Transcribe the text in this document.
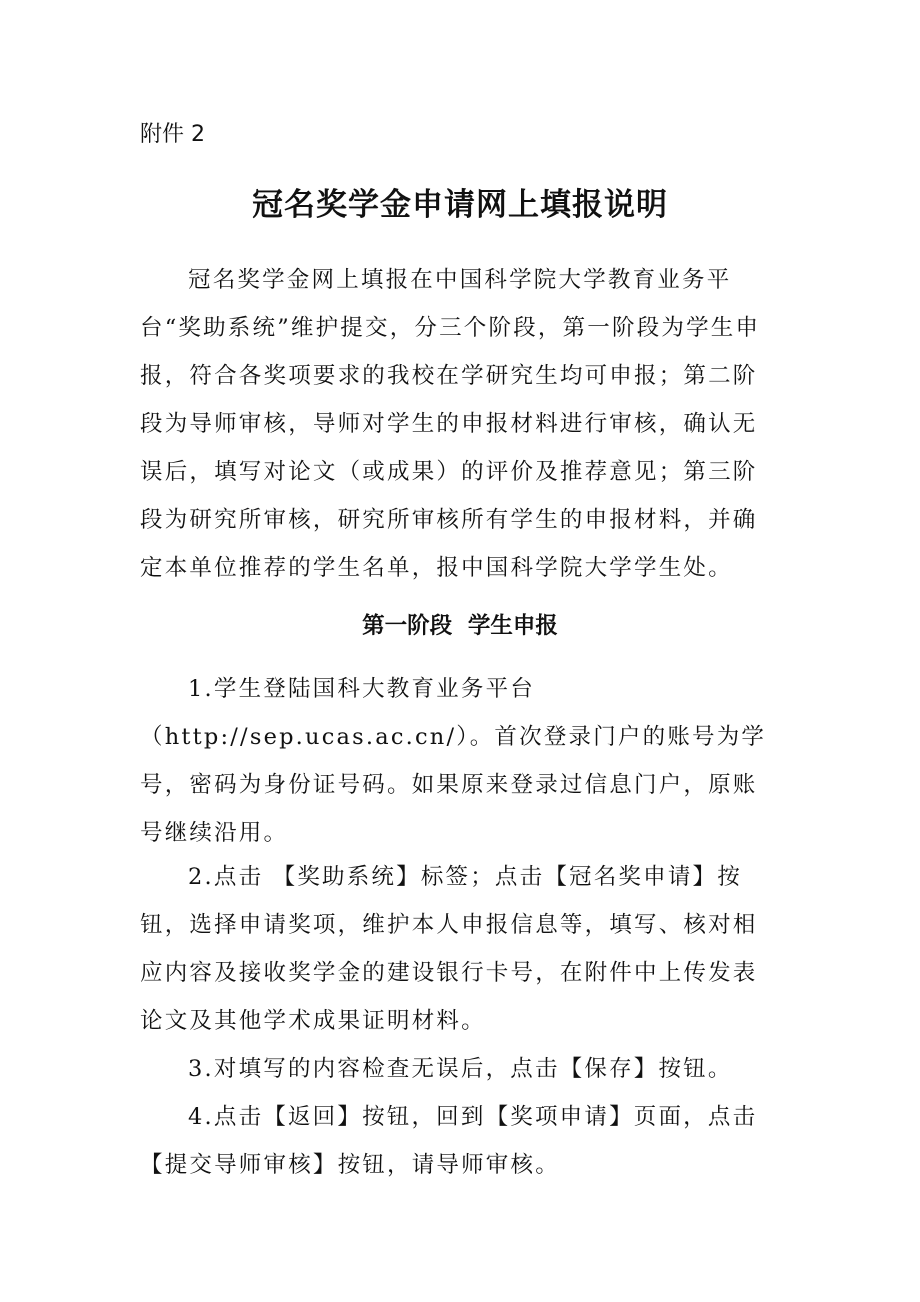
附件 2
冠名奖学金申请网上填报说明

冠名奖学金网上填报在中国科学院大学教育业务平台“奖助系统”维护提交，分三个阶段，第一阶段为学生申报，符合各奖项要求的我校在学研究生均可申报；第二阶段为导师审核，导师对学生的申报材料进行审核，确认无误后，填写对论文（或成果）的评价及推荐意见；第三阶段为研究所审核，研究所审核所有学生的申报材料，并确定本单位推荐的学生名单，报中国科学院大学学生处。

第一阶段  学生申报

1.学生登陆国科大教育业务平台（http://sep.ucas.ac.cn/）。首次登录门户的账号为学号，密码为身份证号码。如果原来登录过信息门户，原账号继续沿用。

2.点击 【奖助系统】标签；点击【冠名奖申请】按钮，选择申请奖项，维护本人申报信息等，填写、核对相应内容及接收奖学金的建设银行卡号，在附件中上传发表论文及其他学术成果证明材料。

3.对填写的内容检查无误后，点击【保存】按钮。

4.点击【返回】按钮，回到【奖项申请】页面，点击【提交导师审核】按钮，请导师审核。
